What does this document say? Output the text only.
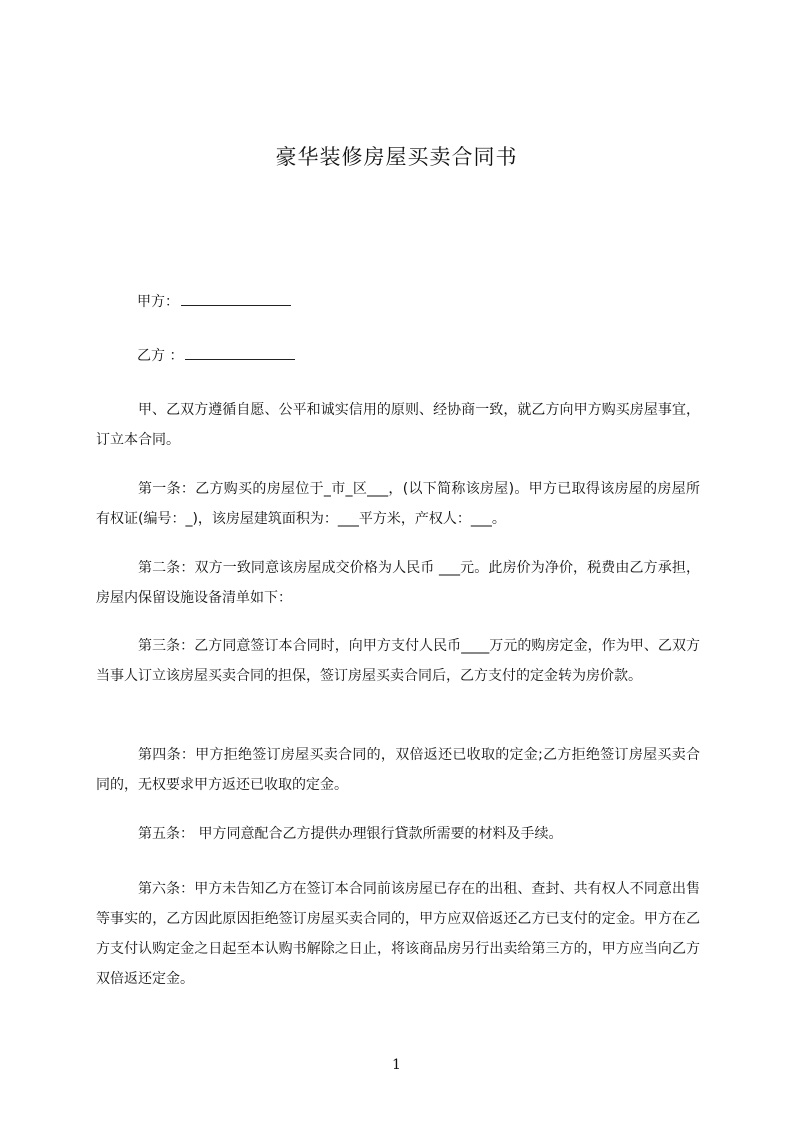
豪华装修房屋买卖合同书
甲方：
乙方 ：

甲、乙双方遵循自愿、公平和诚实信用的原则、经协商一致，就乙方向甲方购买房屋事宜，订立本合同。

第一条：乙方购买的房屋位于_市_区___，(以下简称该房屋)。甲方已取得该房屋的房屋所有权证(编号：_)，该房屋建筑面积为：___平方米，产权人：___。

第二条：双方一致同意该房屋成交价格为人民币 ___元。此房价为净价，税费由乙方承担，房屋内保留设施设备清单如下：

第三条：乙方同意签订本合同时，向甲方支付人民币____万元的购房定金，作为甲、乙双方当事人订立该房屋买卖合同的担保，签订房屋买卖合同后，乙方支付的定金转为房价款。

第四条：甲方拒绝签订房屋买卖合同的，双倍返还已收取的定金;乙方拒绝签订房屋买卖合同的，无权要求甲方返还已收取的定金。

第五条： 甲方同意配合乙方提供办理银行貸款所需要的材料及手续。

第六条：甲方未告知乙方在签订本合同前该房屋已存在的出租、查封、共有权人不同意出售等事实的，乙方因此原因拒绝签订房屋买卖合同的，甲方应双倍返还乙方已支付的定金。甲方在乙方支付认购定金之日起至本认购书解除之日止，将该商品房另行出卖给第三方的，甲方应当向乙方双倍返还定金。

1
